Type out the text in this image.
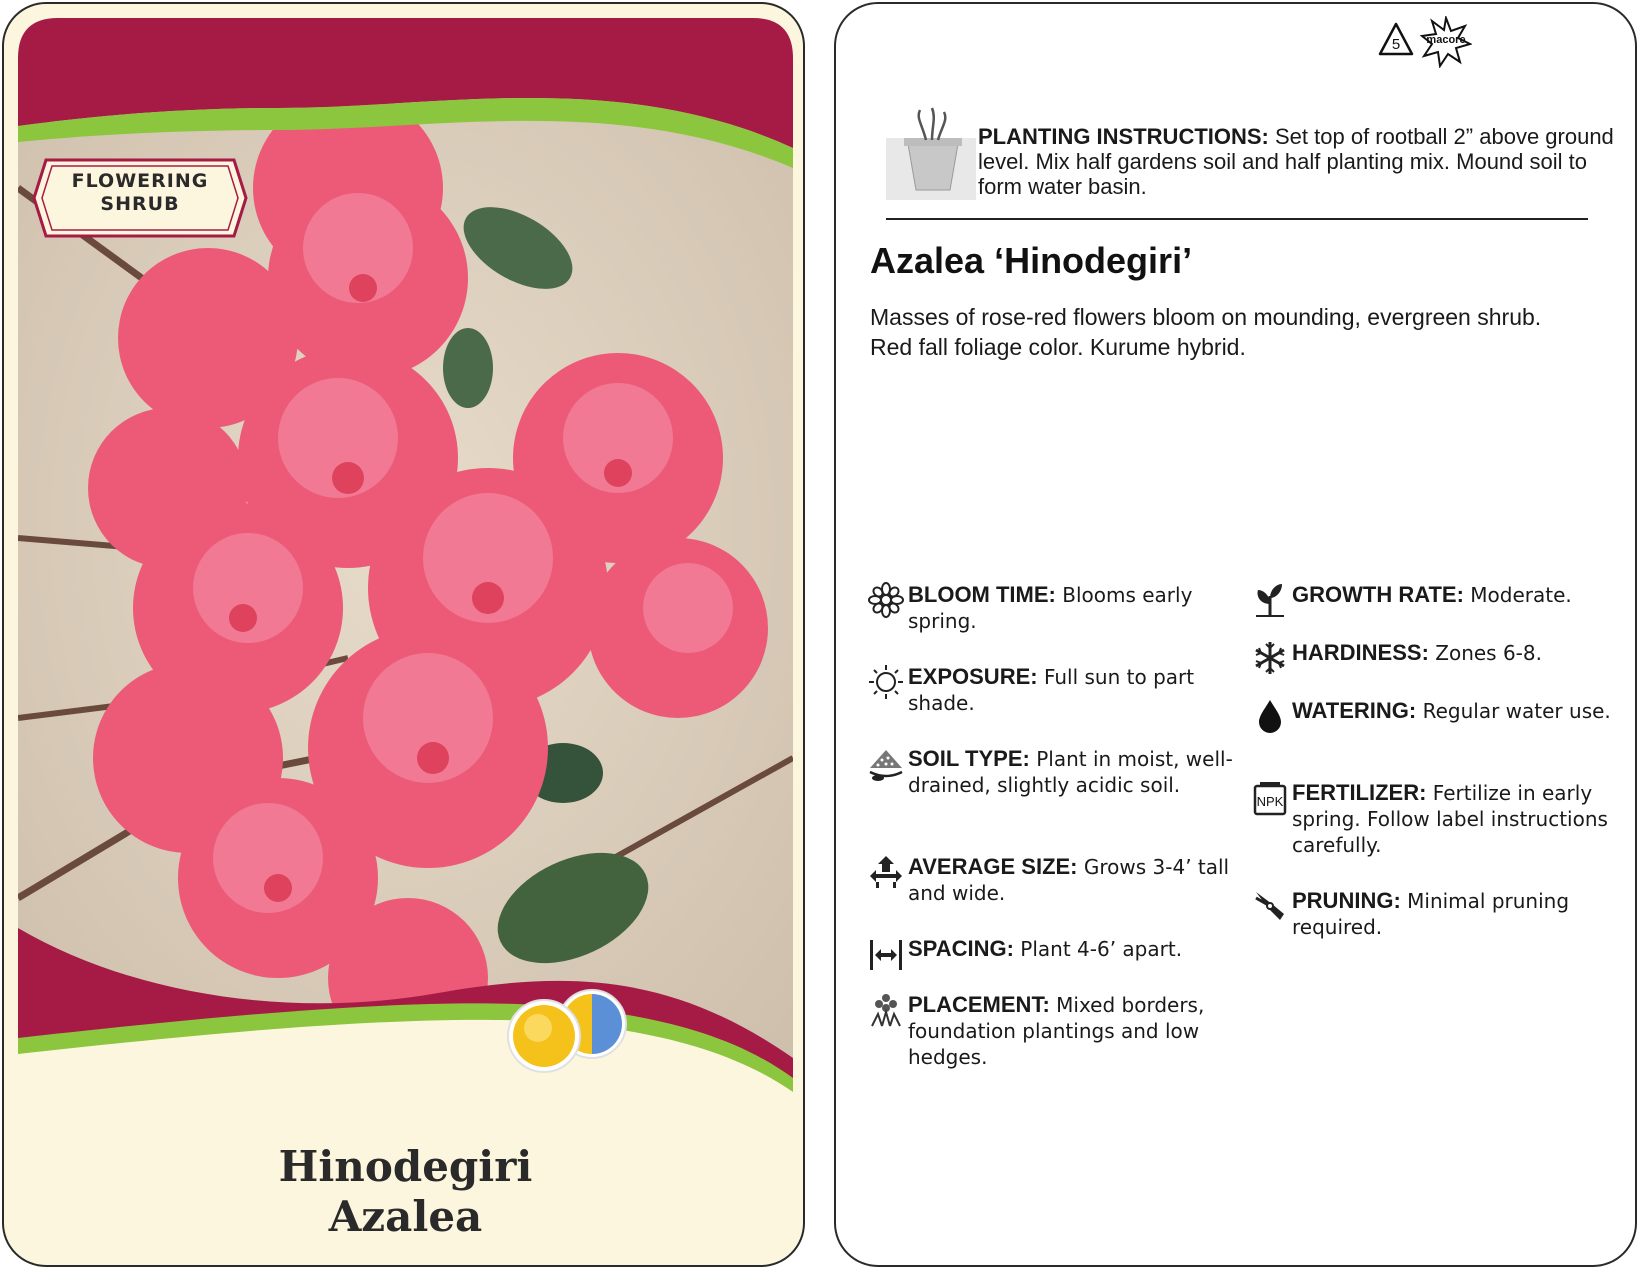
FLOWERING
SHRUB
Hinodegiri
Azalea
5	macore
PLANTING INSTRUCTIONS: Set top of rootball 2” above ground level. Mix half gardens soil and half planting mix. Mound soil to form water basin.
Azalea ‘Hinodegiri’
Masses of rose-red flowers bloom on mounding, evergreen shrub.
Red fall foliage color. Kurume hybrid.
BLOOM TIME: Blooms early spring.
EXPOSURE: Full sun to part shade.
SOIL TYPE: Plant in moist, well-drained, slightly acidic soil.
AVERAGE SIZE: Grows 3-4’ tall and wide.
SPACING: Plant 4-6’ apart.
PLACEMENT: Mixed borders, foundation plantings and low hedges.
GROWTH RATE: Moderate.
HARDINESS: Zones 6-8.
WATERING: Regular water use.
NPK FERTILIZER: Fertilize in early spring. Follow label instructions carefully.
PRUNING: Minimal pruning required.
